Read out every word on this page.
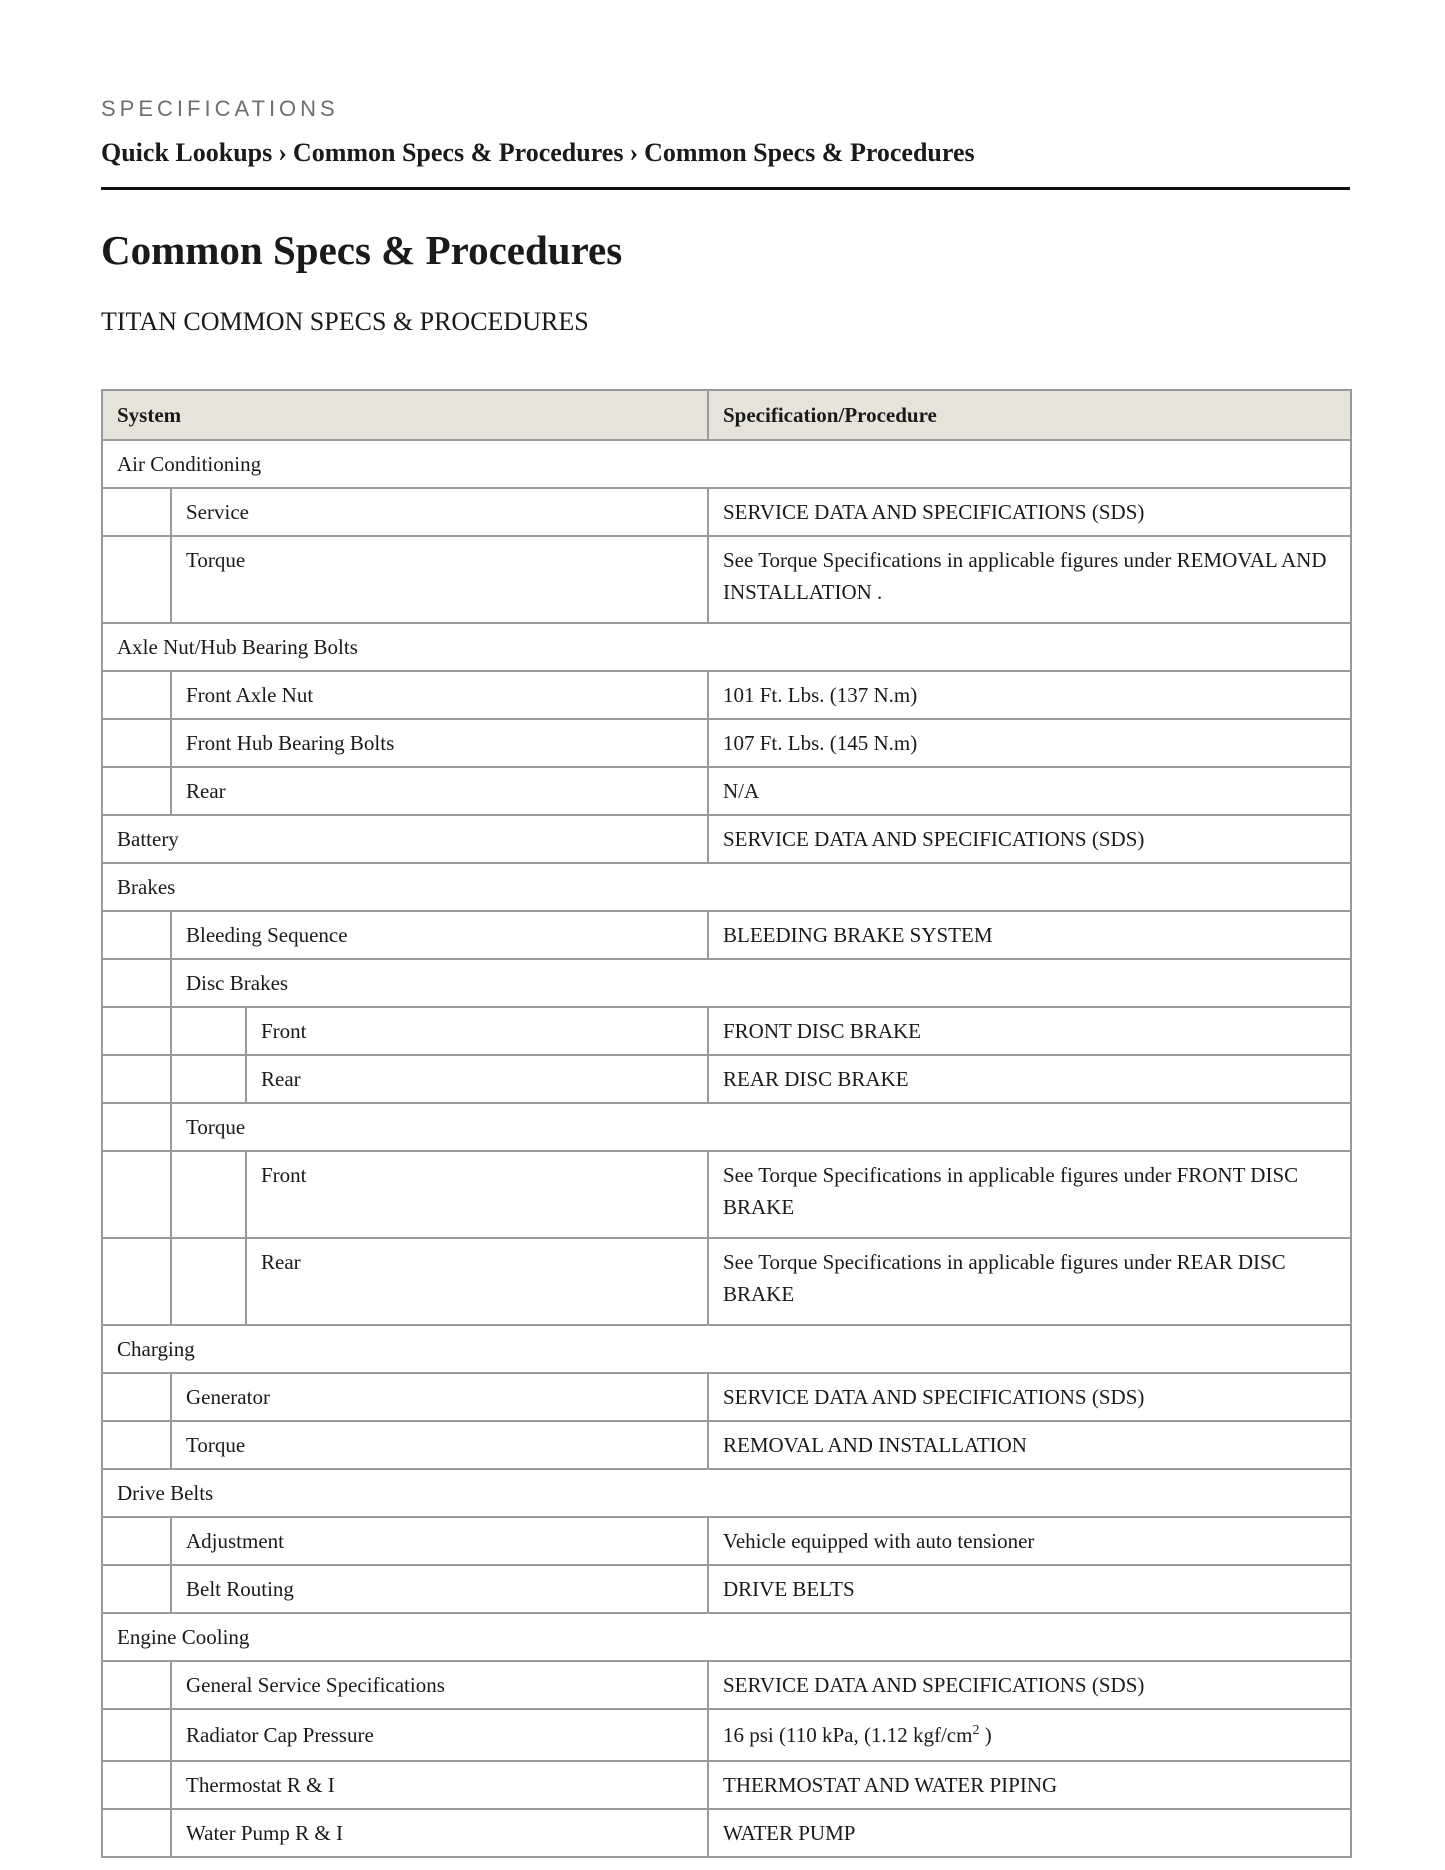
SPECIFICATIONS
Quick Lookups › Common Specs & Procedures › Common Specs & Procedures
Common Specs & Procedures
TITAN COMMON SPECS & PROCEDURES
System			Specification/Procedure
Air Conditioning			
	Service		SERVICE DATA AND SPECIFICATIONS (SDS)
	Torque		See Torque Specifications in applicable figures under REMOVAL AND INSTALLATION .
Axle Nut/Hub Bearing Bolts			
	Front Axle Nut		101 Ft. Lbs. (137 N.m)
	Front Hub Bearing Bolts		107 Ft. Lbs. (145 N.m)
	Rear		N/A
Battery			SERVICE DATA AND SPECIFICATIONS (SDS)
Brakes			
	Bleeding Sequence		BLEEDING BRAKE SYSTEM
	Disc Brakes		
		Front	FRONT DISC BRAKE
		Rear	REAR DISC BRAKE
	Torque		
		Front	See Torque Specifications in applicable figures under FRONT DISC BRAKE
		Rear	See Torque Specifications in applicable figures under REAR DISC BRAKE
Charging			
	Generator		SERVICE DATA AND SPECIFICATIONS (SDS)
	Torque		REMOVAL AND INSTALLATION
Drive Belts			
	Adjustment		Vehicle equipped with auto tensioner
	Belt Routing		DRIVE BELTS
Engine Cooling			
	General Service Specifications		SERVICE DATA AND SPECIFICATIONS (SDS)
	Radiator Cap Pressure		16 psi (110 kPa, (1.12 kgf/$cm^2$ )
	Thermostat R & I		THERMOSTAT AND WATER PIPING
	Water Pump R & I		WATER PUMP
